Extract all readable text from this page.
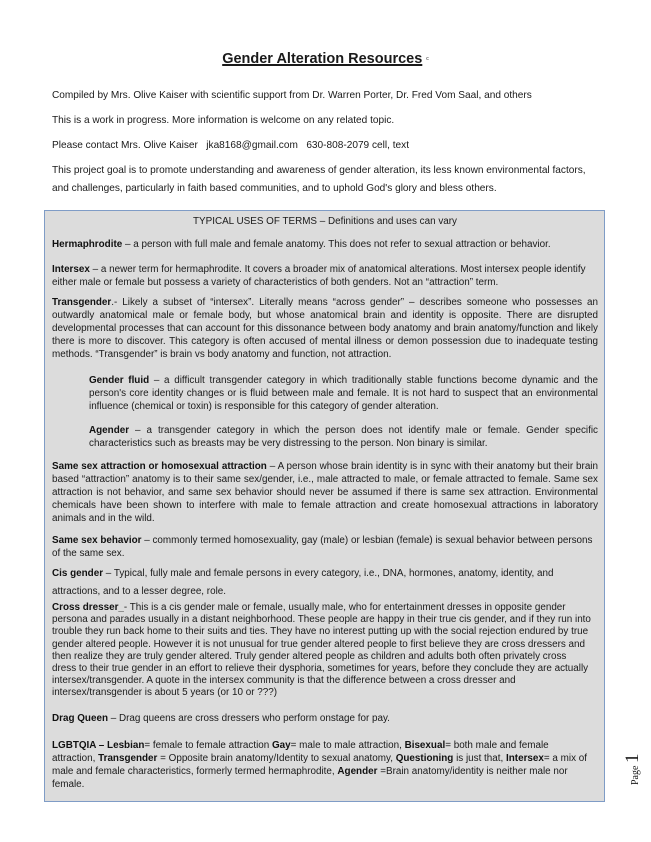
Gender Alteration Resources c
Compiled by Mrs. Olive Kaiser with scientific support from Dr. Warren Porter, Dr. Fred Vom Saal, and others
This is a work in progress. More information is welcome on any related topic.
Please contact Mrs. Olive Kaiser jka8168@gmail.com 630-808-2079 cell, text
This project goal is to promote understanding and awareness of gender alteration, its less known environmental factors, and challenges, particularly in faith based communities, and to uphold God's glory and bless others.
TYPICAL USES OF TERMS – Definitions and uses can vary
Hermaphrodite – a person with full male and female anatomy. This does not refer to sexual attraction or behavior.
Intersex – a newer term for hermaphrodite. It covers a broader mix of anatomical alterations. Most intersex people identify either male or female but possess a variety of characteristics of both genders. Not an “attraction” term.
Transgender.- Likely a subset of “intersex”. Literally means “across gender” – describes someone who possesses an outwardly anatomical male or female body, but whose anatomical brain and identity is opposite. There are disrupted developmental processes that can account for this dissonance between body anatomy and brain anatomy/function and likely there is more to discover. This category is often accused of mental illness or demon possession due to inadequate testing methods. “Transgender” is brain vs body anatomy and function, not attraction.
Gender fluid – a difficult transgender category in which traditionally stable functions become dynamic and the person's core identity changes or is fluid between male and female. It is not hard to suspect that an environmental influence (chemical or toxin) is responsible for this category of gender alteration.
Agender – a transgender category in which the person does not identify male or female. Gender specific characteristics such as breasts may be very distressing to the person. Non binary is similar.
Same sex attraction or homosexual attraction – A person whose brain identity is in sync with their anatomy but their brain based “attraction” anatomy is to their same sex/gender, i.e., male attracted to male, or female attracted to female. Same sex attraction is not behavior, and same sex behavior should never be assumed if there is same sex attraction. Environmental chemicals have been shown to interfere with male to female attraction and create homosexual attractions in laboratory animals and in the wild.
Same sex behavior – commonly termed homosexuality, gay (male) or lesbian (female) is sexual behavior between persons of the same sex.
Cis gender – Typical, fully male and female persons in every category, i.e., DNA, hormones, anatomy, identity, and attractions, and to a lesser degree, role.
Cross dresser_- This is a cis gender male or female, usually male, who for entertainment dresses in opposite gender persona and parades usually in a distant neighborhood. These people are happy in their true cis gender, and if they run into trouble they run back home to their suits and ties. They have no interest putting up with the social rejection endured by true gender altered people. However it is not unusual for true gender altered people to first believe they are cross dressers and then realize they are truly gender altered. Truly gender altered people as children and adults both often privately cross dress to their true gender in an effort to relieve their dysphoria, sometimes for years, before they conclude they are actually intersex/transgender. A quote in the intersex community is that the difference between a cross dresser and intersex/transgender is about 5 years (or 10 or ???)
Drag Queen – Drag queens are cross dressers who perform onstage for pay.
LGBTQIA – Lesbian= female to female attraction Gay= male to male attraction, Bisexual= both male and female attraction, Transgender = Opposite brain anatomy/Identity to sexual anatomy, Questioning is just that, Intersex= a mix of male and female characteristics, formerly termed hermaphrodite, Agender =Brain anatomy/identity is neither male nor female.	Page 1
